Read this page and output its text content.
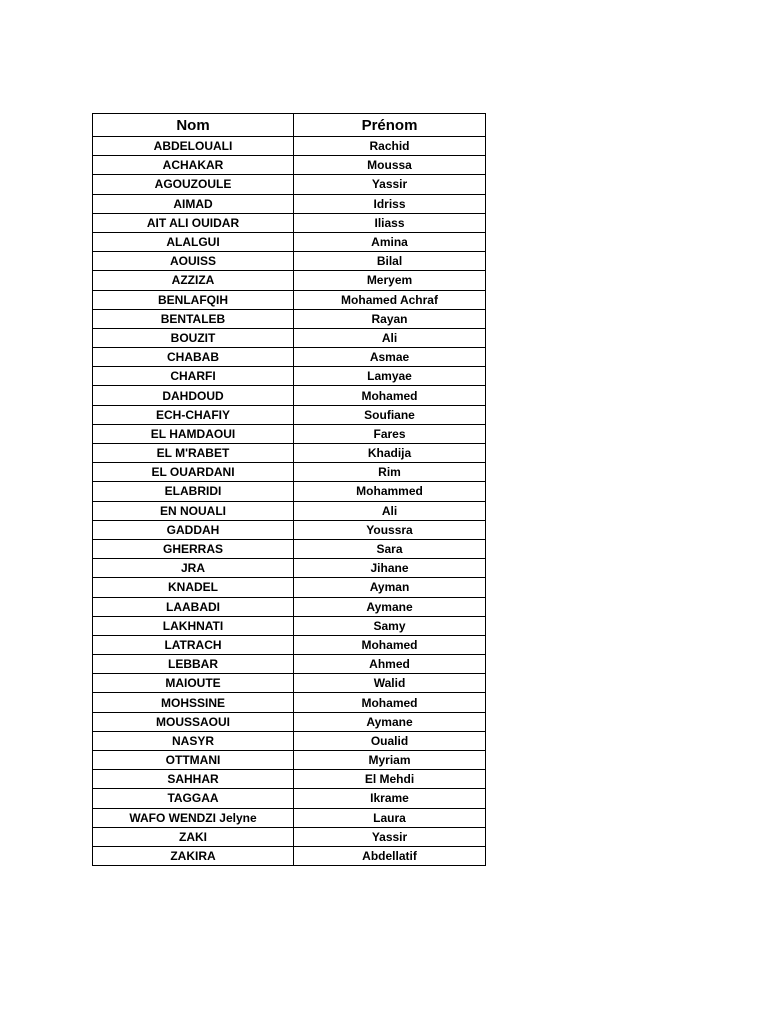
Nom	Prénom
ABDELOUALI	Rachid
ACHAKAR	Moussa
AGOUZOULE	Yassir
AIMAD	Idriss
AIT ALI OUIDAR	Iliass
ALALGUI	Amina
AOUISS	Bilal
AZZIZA	Meryem
BENLAFQIH	Mohamed Achraf
BENTALEB	Rayan
BOUZIT	Ali
CHABAB	Asmae
CHARFI	Lamyae
DAHDOUD	Mohamed
ECH-CHAFIY	Soufiane
EL HAMDAOUI	Fares
EL M'RABET	Khadija
EL OUARDANI	Rim
ELABRIDI	Mohammed
EN NOUALI	Ali
GADDAH	Youssra
GHERRAS	Sara
JRA	Jihane
KNADEL	Ayman
LAABADI	Aymane
LAKHNATI	Samy
LATRACH	Mohamed
LEBBAR	Ahmed
MAIOUTE	Walid
MOHSSINE	Mohamed
MOUSSAOUI	Aymane
NASYR	Oualid
OTTMANI	Myriam
SAHHAR	El Mehdi
TAGGAA	Ikrame
WAFO WENDZI Jelyne	Laura
ZAKI	Yassir
ZAKIRA	Abdellatif
